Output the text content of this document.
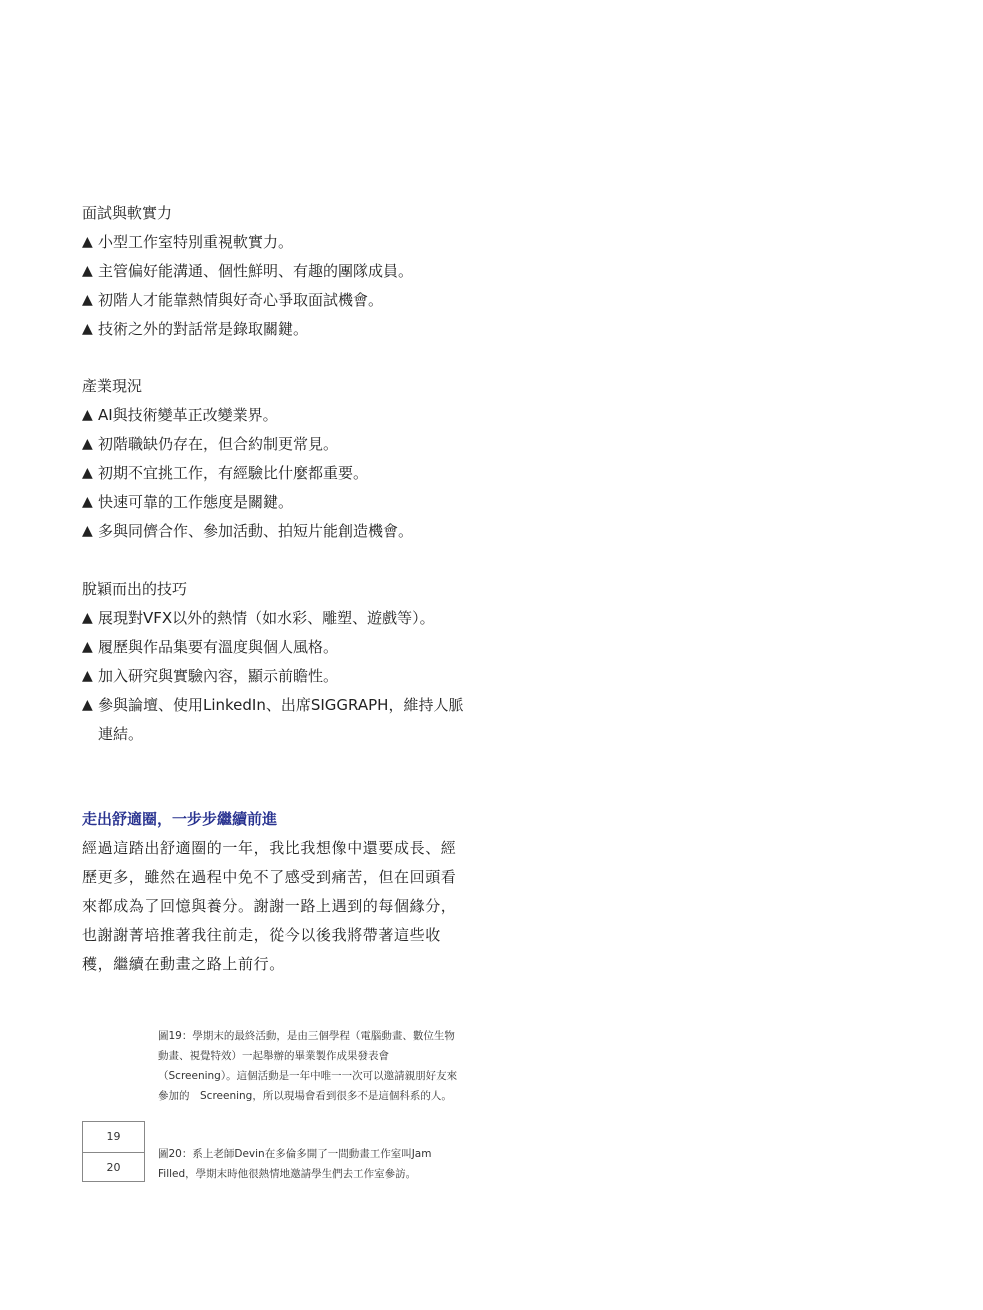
面試與軟實力
▲ 小型工作室特別重視軟實力。
▲ 主管偏好能溝通、個性鮮明、有趣的團隊成員。
▲ 初階人才能靠熱情與好奇心爭取面試機會。
▲ 技術之外的對話常是錄取關鍵。
產業現況
▲ AI與技術變革正改變業界。
▲ 初階職缺仍存在，但合約制更常見。
▲ 初期不宜挑工作，有經驗比什麼都重要。
▲ 快速可靠的工作態度是關鍵。
▲ 多與同儕合作、參加活動、拍短片能創造機會。
脫穎而出的技巧
▲ 展現對VFX以外的熱情（如水彩、雕塑、遊戲等）。
▲ 履歷與作品集要有溫度與個人風格。
▲ 加入研究與實驗內容，顯示前瞻性。
▲ 參與論壇、使用LinkedIn、出席SIGGRAPH，維持人脈連結。
走出舒適圈，一步步繼續前進
經過這踏出舒適圈的一年，我比我想像中還要成長、經歷更多，雖然在過程中免不了感受到痛苦，但在回頭看來都成為了回憶與養分。謝謝一路上遇到的每個緣分，也謝謝菁培推著我往前走，從今以後我將帶著這些收穫，繼續在動畫之路上前行。
圖19：學期末的最終活動，是由三個學程（電腦動畫、數位生物動畫、視覺特效）一起舉辦的畢業製作成果發表會（Screening）。這個活動是一年中唯一一次可以邀請親朋好友來參加的　Screening，所以現場會看到很多不是這個科系的人。
圖20：系上老師Devin在多倫多開了一間動畫工作室叫Jam Filled，學期末時他很熱情地邀請學生們去工作室參訪。
19
20
